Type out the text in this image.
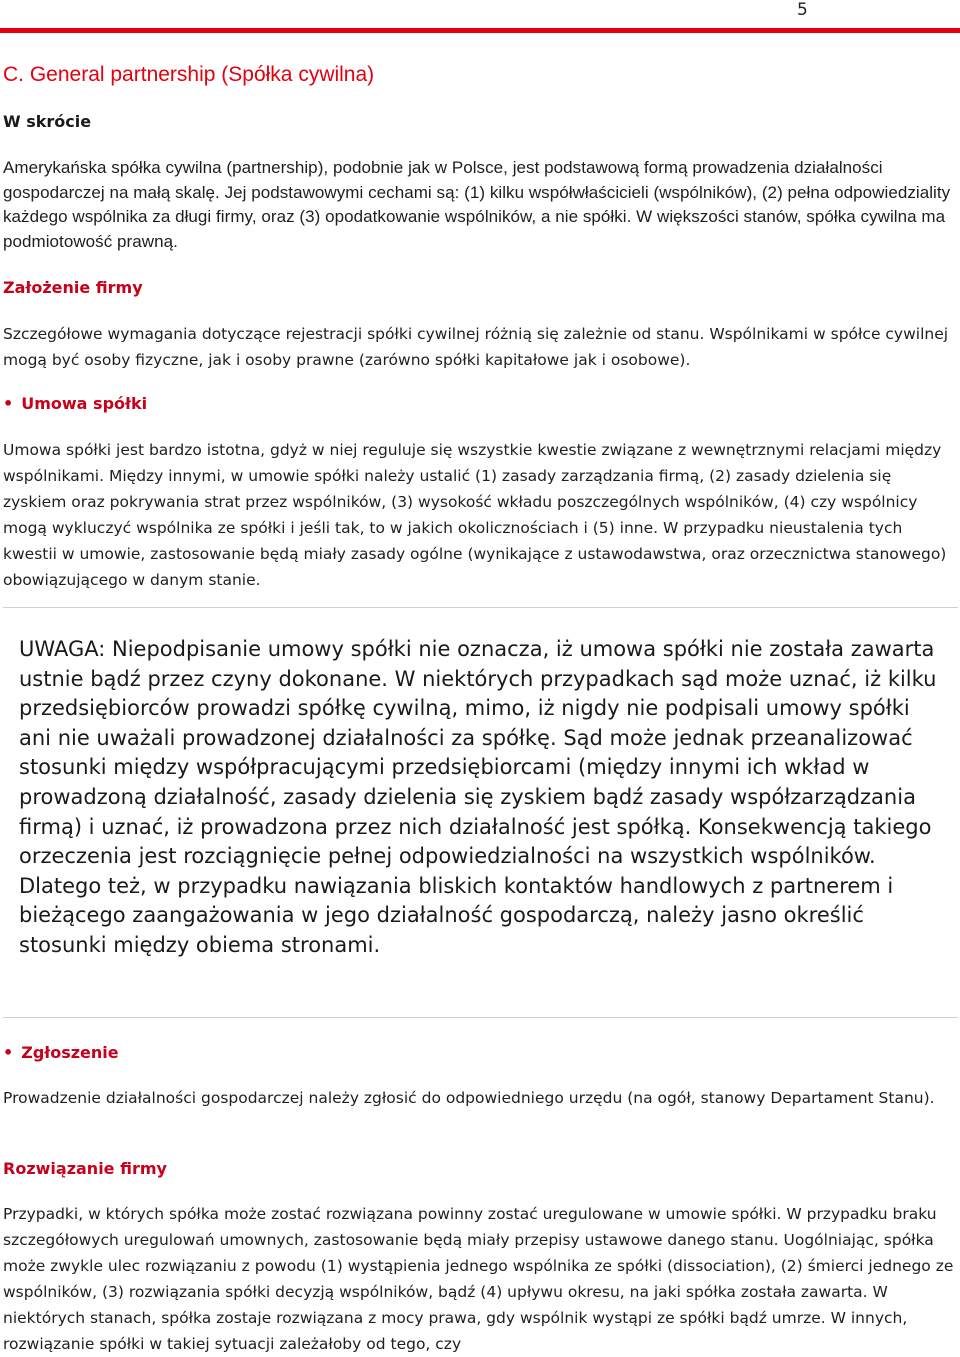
5
C. General partnership (Spółka cywilna)
W skrócie

Amerykańska spółka cywilna (partnership), podobnie jak w Polsce, jest podstawową formą prowadzenia działalności gospodarczej na małą skalę. Jej podstawowymi cechami są: (1) kilku współwłaścicieli (wspólników), (2) pełna odpowiedziality każdego wspólnika za długi firmy, oraz (3) opodatkowanie wspólników, a nie spółki. W większości stanów, spółka cywilna ma podmiotowość prawną.

Założenie firmy

Szczegółowe wymagania dotyczące rejestracji spółki cywilnej różnią się zależnie od stanu. Wspólnikami w spółce cywilnej mogą być osoby fizyczne, jak i osoby prawne (zarówno spółki kapitałowe jak i osobowe).

• Umowa spółki

Umowa spółki jest bardzo istotna, gdyż w niej reguluje się wszystkie kwestie związane z wewnętrznymi relacjami między wspólnikami. Między innymi, w umowie spółki należy ustalić (1) zasady zarządzania firmą, (2) zasady dzielenia się zyskiem oraz pokrywania strat przez wspólników, (3) wysokość wkładu poszczególnych wspólników, (4) czy wspólnicy mogą wykluczyć wspólnika ze spółki i jeśli tak, to w jakich okolicznościach i (5) inne. W przypadku nieustalenia tych kwestii w umowie, zastosowanie będą miały zasady ogólne (wynikające z ustawodawstwa, oraz orzecznictwa stanowego) obowiązującego w danym stanie.

UWAGA: Niepodpisanie umowy spółki nie oznacza, iż umowa spółki nie została zawarta ustnie bądź przez czyny dokonane. W niektórych przypadkach sąd może uznać, iż kilku przedsiębiorców prowadzi spółkę cywilną, mimo, iż nigdy nie podpisali umowy spółki ani nie uważali prowadzonej działalności za spółkę. Sąd może jednak przeanalizować stosunki między współpracującymi przedsiębiorcami (między innymi ich wkład w prowadzoną działalność, zasady dzielenia się zyskiem bądź zasady współzarządzania firmą) i uznać, iż prowadzona przez nich działalność jest spółką. Konsekwencją takiego orzeczenia jest rozciągnięcie pełnej odpowiedzialności na wszystkich wspólników. Dlatego też, w przypadku nawiązania bliskich kontaktów handlowych z partnerem i bieżącego zaangażowania w jego działalność gospodarczą, należy jasno określić stosunki między obiema stronami.

• Zgłoszenie

Prowadzenie działalności gospodarczej należy zgłosić do odpowiedniego urzędu (na ogół, stanowy Departament Stanu).

Rozwiązanie firmy

Przypadki, w których spółka może zostać rozwiązana powinny zostać uregulowane w umowie spółki. W przypadku braku szczegółowych uregulowań umownych, zastosowanie będą miały przepisy ustawowe danego stanu. Uogólniając, spółka może zwykle ulec rozwiązaniu z powodu (1) wystąpienia jednego wspólnika ze spółki (dissociation), (2) śmierci jednego ze wspólników, (3) rozwiązania spółki decyzją wspólników, bądź (4) upływu okresu, na jaki spółka została zawarta. W niektórych stanach, spółka zostaje rozwiązana z mocy prawa, gdy wspólnik wystąpi ze spółki bądź umrze. W innych, rozwiązanie spółki w takiej sytuacji zależałoby od tego, czy
